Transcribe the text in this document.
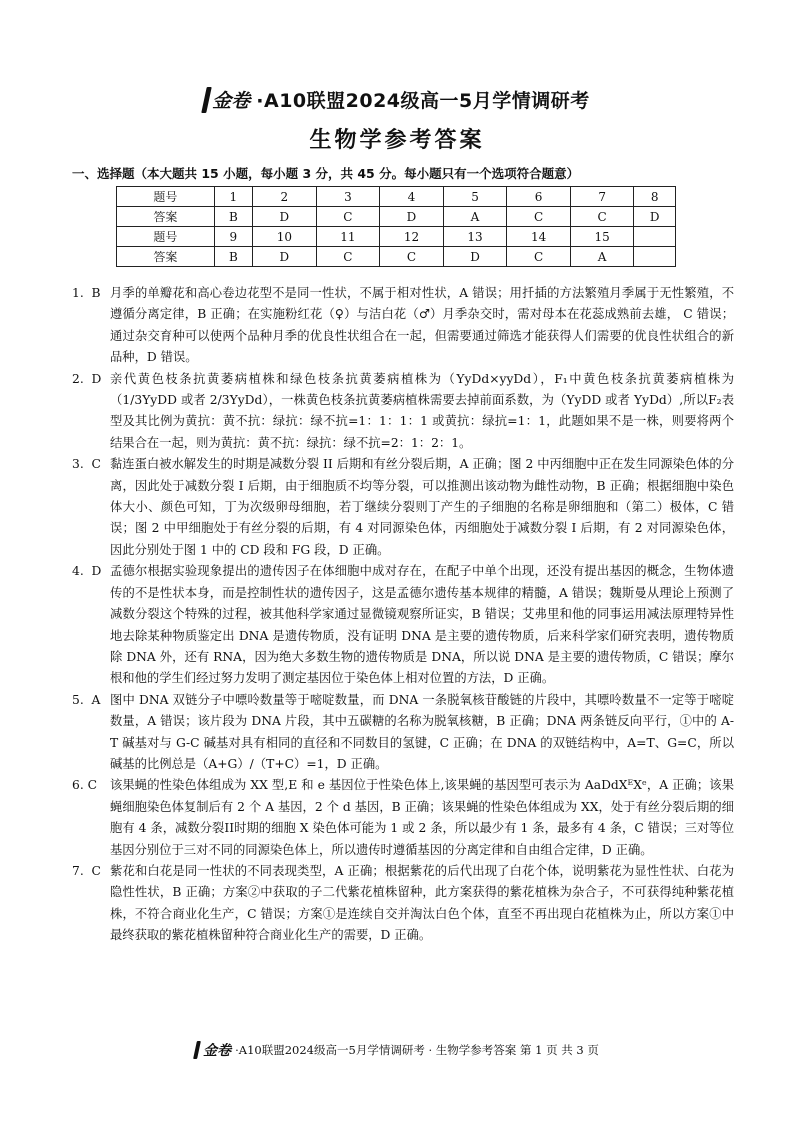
金卷 ·A10联盟2024级高一5月学情调研考
生物学参考答案
一、选择题（本大题共 15 小题，每小题 3 分，共 45 分。每小题只有一个选项符合题意）
题号	1	2	3	4	5	6	7	8
答案	B	D	C	D	A	C	C	D
题号	9	10	11	12	13	14	15	
答案	B	D	C	C	D	C	A	
1.  B 月季的单瓣花和高心卷边花型不是同一性状，不属于相对性状，A 错误；用扦插的方法繁殖月季属于无性繁殖，不遵循分离定律，B 正确；在实施粉红花（♀）与洁白花（♂）月季杂交时，需对母本在花蕊成熟前去雄， C 错误；通过杂交育种可以使两个品种月季的优良性状组合在一起，但需要通过筛选才能获得人们需要的优良性状组合的新品种，D 错误。
2.  D 亲代黄色枝条抗黄萎病植株和绿色枝条抗黄萎病植株为（YyDd×yyDd），F₁中黄色枝条抗黄萎病植株为（1/3YyDD 或者 2/3YyDd），一株黄色枝条抗黄萎病植株需要去掉前面系数，为（YyDD 或者 YyDd）,所以F₂表型及其比例为黄抗：黄不抗：绿抗：绿不抗=1：1：1：1 或黄抗：绿抗=1：1，此题如果不是一株，则要将两个结果合在一起，则为黄抗：黄不抗：绿抗：绿不抗=2：1：2：1。
3.  C 黏连蛋白被水解发生的时期是减数分裂 II 后期和有丝分裂后期，A 正确；图 2 中丙细胞中正在发生同源染色体的分离，因此处于减数分裂 I 后期，由于细胞质不均等分裂，可以推测出该动物为雌性动物，B 正确；根据细胞中染色体大小、颜色可知，丁为次级卵母细胞，若丁继续分裂则丁产生的子细胞的名称是卵细胞和（第二）极体，C 错误；图 2 中甲细胞处于有丝分裂的后期，有 4 对同源染色体，丙细胞处于减数分裂 I 后期，有 2 对同源染色体，因此分别处于图 1 中的 CD 段和 FG 段，D 正确。
4.  D 孟德尔根据实验现象提出的遗传因子在体细胞中成对存在，在配子中单个出现，还没有提出基因的概念，生物体遗传的不是性状本身，而是控制性状的遗传因子，这是孟德尔遗传基本规律的精髓，A 错误；魏斯曼从理论上预测了减数分裂这个特殊的过程，被其他科学家通过显微镜观察所证实，B 错误；艾弗里和他的同事运用减法原理特异性地去除某种物质鉴定出 DNA 是遗传物质，没有证明 DNA 是主要的遗传物质，后来科学家们研究表明，遗传物质除 DNA 外，还有 RNA，因为绝大多数生物的遗传物质是 DNA，所以说 DNA 是主要的遗传物质，C 错误；摩尔根和他的学生们经过努力发明了测定基因位于染色体上相对位置的方法，D 正确。
5.  A 图中 DNA 双链分子中嘌呤数量等于嘧啶数量，而 DNA 一条脱氧核苷酸链的片段中，其嘌呤数量不一定等于嘧啶数量，A 错误；该片段为 DNA 片段，其中五碳糖的名称为脱氧核糖，B 正确；DNA 两条链反向平行，①中的 A-T 碱基对与 G-C 碱基对具有相同的直径和不同数目的氢键，C 正确；在 DNA 的双链结构中，A=T、G=C，所以碱基的比例总是（A+G）/（T+C）=1，D 正确。
6. C	该果蝇的性染色体组成为 XX 型,E 和 e 基因位于性染色体上,该果蝇的基因型可表示为 AaDdXᴱXᵉ，A 正确；该果蝇细胞染色体复制后有 2 个 A 基因，2 个 d 基因，B 正确；该果蝇的性染色体组成为 XX，处于有丝分裂后期的细胞有 4 条，减数分裂II时期的细胞 X 染色体可能为 1 或 2 条，所以最少有 1 条，最多有 4 条，C 错误；三对等位基因分别位于三对不同的同源染色体上，所以遗传时遵循基因的分离定律和自由组合定律，D 正确。
7.  C 紫花和白花是同一性状的不同表现类型，A 正确；根据紫花的后代出现了白花个体，说明紫花为显性性状、白花为隐性性状，B 正确；方案②中获取的子二代紫花植株留种，此方案获得的紫花植株为杂合子，不可获得纯种紫花植株，不符合商业化生产，C 错误；方案①是连续自交并淘汰白色个体，直至不再出现白花植株为止，所以方案①中最终获取的紫花植株留种符合商业化生产的需要，D 正确。
金卷 ·A10联盟2024级高一5月学情调研考 · 生物学参考答案 第 1 页 共 3 页
